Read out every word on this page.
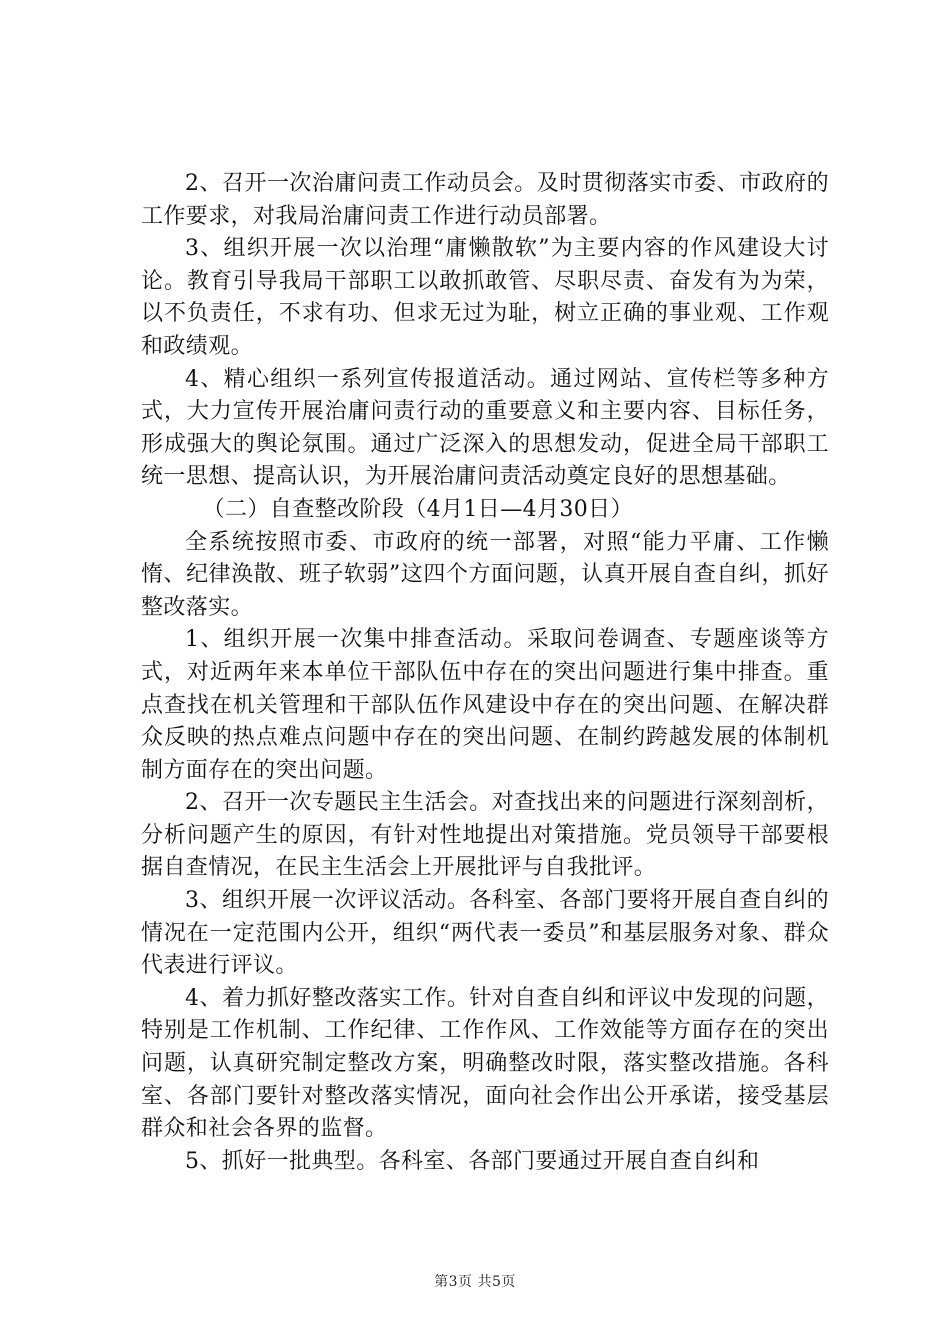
2、召开一次治庸问责工作动员会。及时贯彻落实市委、市政府的工作要求，对我局治庸问责工作进行动员部署。

3、组织开展一次以治理“庸懒散软”为主要内容的作风建设大讨论。教育引导我局干部职工以敢抓敢管、尽职尽责、奋发有为为荣，以不负责任，不求有功、但求无过为耻，树立正确的事业观、工作观和政绩观。

4、精心组织一系列宣传报道活动。通过网站、宣传栏等多种方式，大力宣传开展治庸问责行动的重要意义和主要内容、目标任务，形成强大的舆论氛围。通过广泛深入的思想发动，促进全局干部职工统一思想、提高认识，为开展治庸问责活动奠定良好的思想基础。

（二）自查整改阶段（4月1日—4月30日）

全系统按照市委、市政府的统一部署，对照“能力平庸、工作懒惰、纪律涣散、班子软弱”这四个方面问题，认真开展自查自纠，抓好整改落实。

1、组织开展一次集中排查活动。采取问卷调查、专题座谈等方式，对近两年来本单位干部队伍中存在的突出问题进行集中排查。重点查找在机关管理和干部队伍作风建设中存在的突出问题、在解决群众反映的热点难点问题中存在的突出问题、在制约跨越发展的体制机制方面存在的突出问题。

2、召开一次专题民主生活会。对查找出来的问题进行深刻剖析，分析问题产生的原因，有针对性地提出对策措施。党员领导干部要根据自查情况，在民主生活会上开展批评与自我批评。

3、组织开展一次评议活动。各科室、各部门要将开展自查自纠的情况在一定范围内公开，组织“两代表一委员”和基层服务对象、群众代表进行评议。

4、着力抓好整改落实工作。针对自查自纠和评议中发现的问题，特别是工作机制、工作纪律、工作作风、工作效能等方面存在的突出问题，认真研究制定整改方案，明确整改时限，落实整改措施。各科室、各部门要针对整改落实情况，面向社会作出公开承诺，接受基层群众和社会各界的监督。

5、抓好一批典型。各科室、各部门要通过开展自查自纠和

第3页 共5页
